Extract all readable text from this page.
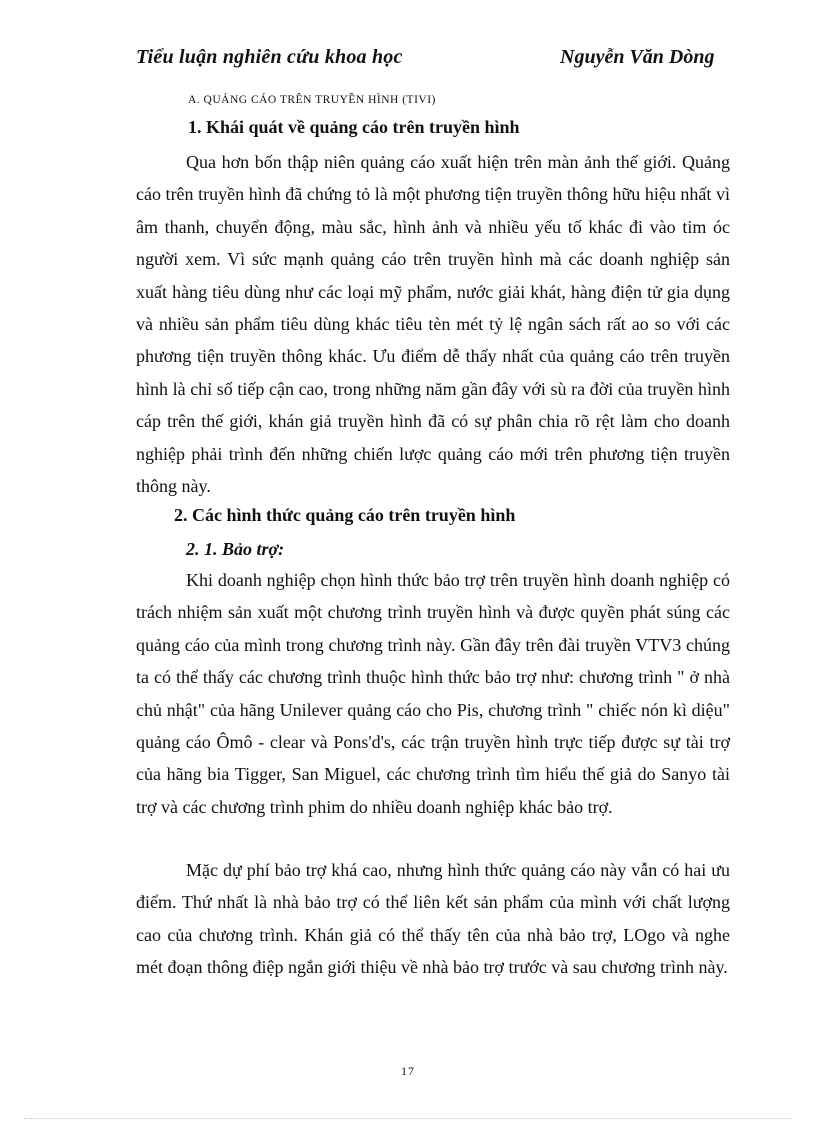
Tiểu luận nghiên cứu khoa học	Nguyễn Văn Dòng
A. QUẢNG CÁO TRÊN TRUYỀN HÌNH (TIVI)
1. Khái quát về quảng cáo trên truyền hình

Qua hơn bốn thập niên quảng cáo xuất hiện trên màn ảnh thế giới. Quảng cáo trên truyền hình đã chứng tỏ là một phương tiện truyền thông hữu hiệu nhất vì âm thanh, chuyển động, màu sắc, hình ảnh và nhiều yếu tố khác đi vào tim óc người xem. Vì sức mạnh quảng cáo trên truyền hình mà các doanh nghiệp sản xuất hàng tiêu dùng như các loại mỹ phẩm, nước giải khát, hàng điện tử gia dụng và nhiều sản phẩm tiêu dùng khác tiêu tèn mét tỷ lệ ngân sách rất ao so với các phương tiện truyền thông khác. Ưu điểm dễ thấy nhất của quảng cáo trên truyền hình là chỉ số tiếp cận cao, trong những năm gần đây với sù ra đời của truyền hình cáp trên thế giới, khán giả truyền hình đã có sự phân chia rõ rệt làm cho doanh nghiệp phải trình đến những chiến lược quảng cáo mới trên phương tiện truyền thông này.

2. Các hình thức quảng cáo trên truyền hình
2. 1. Bảo trợ:

Khi doanh nghiệp chọn hình thức bảo trợ trên truyền hình doanh nghiệp có trách nhiệm sản xuất một chương trình truyền hình và được quyền phát súng các quảng cáo của mình trong chương trình này. Gần đây trên đài truyền VTV3 chúng ta có thể thấy các chương trình thuộc hình thức bảo trợ như: chương trình " ở nhà chủ nhật" của hãng Unilever quảng cáo cho Pis, chương trình " chiếc nón kì diệu" quảng cáo Ômô - clear và Pons'd's, các trận truyền hình trực tiếp được sự tài trợ của hãng bia Tigger, San Miguel, các chương trình tìm hiểu thế giả do Sanyo tài trợ và các chương trình phim do nhiều doanh nghiệp khác bảo trợ.

Mặc dự phí bảo trợ khá cao, nhưng hình thức quảng cáo này vẫn có hai ưu điểm. Thứ nhất là nhà bảo trợ có thể liên kết sản phẩm của mình với chất lượng cao của chương trình. Khán giả có thể thấy tên của nhà bảo trợ, LOgo và nghe mét đoạn thông điệp ngắn giới thiệu về nhà bảo trợ trước và sau chương trình này.

17
